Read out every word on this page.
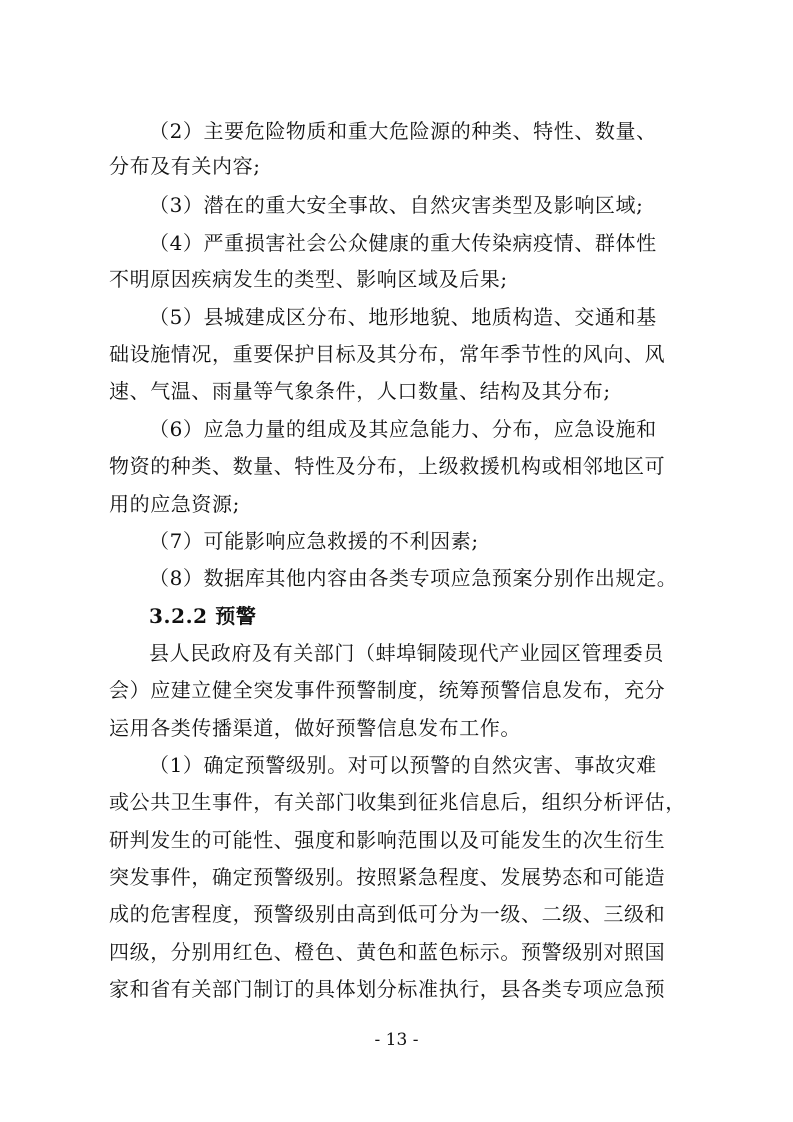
（2）主要危险物质和重大危险源的种类、特性、数量、
分布及有关内容;
（3）潜在的重大安全事故、自然灾害类型及影响区域;
（4）严重损害社会公众健康的重大传染病疫情、群体性
不明原因疾病发生的类型、影响区域及后果;
（5）县城建成区分布、地形地貌、地质构造、交通和基
础设施情况，重要保护目标及其分布，常年季节性的风向、风
速、气温、雨量等气象条件，人口数量、结构及其分布;
（6）应急力量的组成及其应急能力、分布，应急设施和
物资的种类、数量、特性及分布，上级救援机构或相邻地区可
用的应急资源;
（7）可能影响应急救援的不利因素;
（8）数据库其他内容由各类专项应急预案分别作出规定。
3.2.2 预警
县人民政府及有关部门（蚌埠铜陵现代产业园区管理委员
会）应建立健全突发事件预警制度，统筹预警信息发布，充分
运用各类传播渠道，做好预警信息发布工作。
（1）确定预警级别。对可以预警的自然灾害、事故灾难
或公共卫生事件，有关部门收集到征兆信息后，组织分析评估，
研判发生的可能性、强度和影响范围以及可能发生的次生衍生
突发事件，确定预警级别。按照紧急程度、发展势态和可能造
成的危害程度，预警级别由高到低可分为一级、二级、三级和
四级，分别用红色、橙色、黄色和蓝色标示。预警级别对照国
家和省有关部门制订的具体划分标准执行，县各类专项应急预
- 13 -
